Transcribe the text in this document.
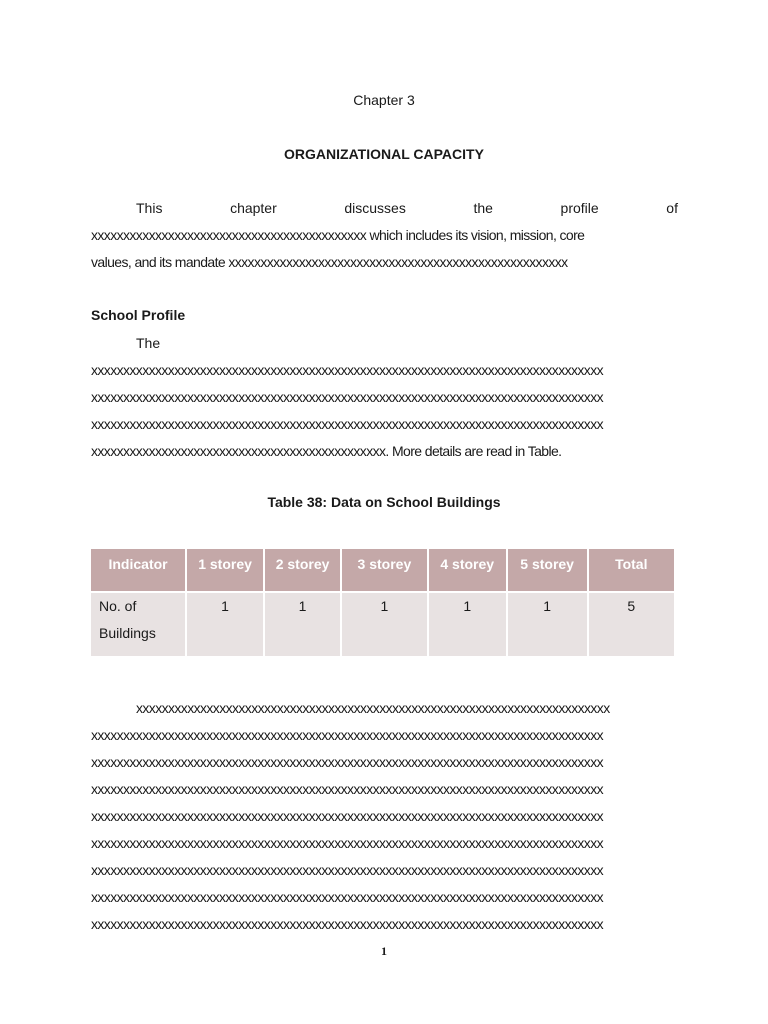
Chapter 3
ORGANIZATIONAL CAPACITY
This	chapter	discusses	the	profile	of
xxxxxxxxxxxxxxxxxxxxxxxxxxxxxxxxxxxxxxxxxxx which includes its vision, mission, core
values, and its mandate xxxxxxxxxxxxxxxxxxxxxxxxxxxxxxxxxxxxxxxxxxxxxxxxxxxxx
School Profile
The
xxxxxxxxxxxxxxxxxxxxxxxxxxxxxxxxxxxxxxxxxxxxxxxxxxxxxxxxxxxxxxxxxxxxxxxxxxxxxxxx
xxxxxxxxxxxxxxxxxxxxxxxxxxxxxxxxxxxxxxxxxxxxxxxxxxxxxxxxxxxxxxxxxxxxxxxxxxxxxxxx
xxxxxxxxxxxxxxxxxxxxxxxxxxxxxxxxxxxxxxxxxxxxxxxxxxxxxxxxxxxxxxxxxxxxxxxxxxxxxxxx
xxxxxxxxxxxxxxxxxxxxxxxxxxxxxxxxxxxxxxxxxxxxxx. More details are read in Table.
Table 38: Data on School Buildings
Indicator	1 storey	2 storey	3 storey	4 storey	5 storey	Total
No. of
Buildings	1	1	1	1	1	5
xxxxxxxxxxxxxxxxxxxxxxxxxxxxxxxxxxxxxxxxxxxxxxxxxxxxxxxxxxxxxxxxxxxxxxxxxx
xxxxxxxxxxxxxxxxxxxxxxxxxxxxxxxxxxxxxxxxxxxxxxxxxxxxxxxxxxxxxxxxxxxxxxxxxxxxxxxx
xxxxxxxxxxxxxxxxxxxxxxxxxxxxxxxxxxxxxxxxxxxxxxxxxxxxxxxxxxxxxxxxxxxxxxxxxxxxxxxx
xxxxxxxxxxxxxxxxxxxxxxxxxxxxxxxxxxxxxxxxxxxxxxxxxxxxxxxxxxxxxxxxxxxxxxxxxxxxxxxx
xxxxxxxxxxxxxxxxxxxxxxxxxxxxxxxxxxxxxxxxxxxxxxxxxxxxxxxxxxxxxxxxxxxxxxxxxxxxxxxx
xxxxxxxxxxxxxxxxxxxxxxxxxxxxxxxxxxxxxxxxxxxxxxxxxxxxxxxxxxxxxxxxxxxxxxxxxxxxxxxx
xxxxxxxxxxxxxxxxxxxxxxxxxxxxxxxxxxxxxxxxxxxxxxxxxxxxxxxxxxxxxxxxxxxxxxxxxxxxxxxx
xxxxxxxxxxxxxxxxxxxxxxxxxxxxxxxxxxxxxxxxxxxxxxxxxxxxxxxxxxxxxxxxxxxxxxxxxxxxxxxx
xxxxxxxxxxxxxxxxxxxxxxxxxxxxxxxxxxxxxxxxxxxxxxxxxxxxxxxxxxxxxxxxxxxxxxxxxxxxxxxx
1
